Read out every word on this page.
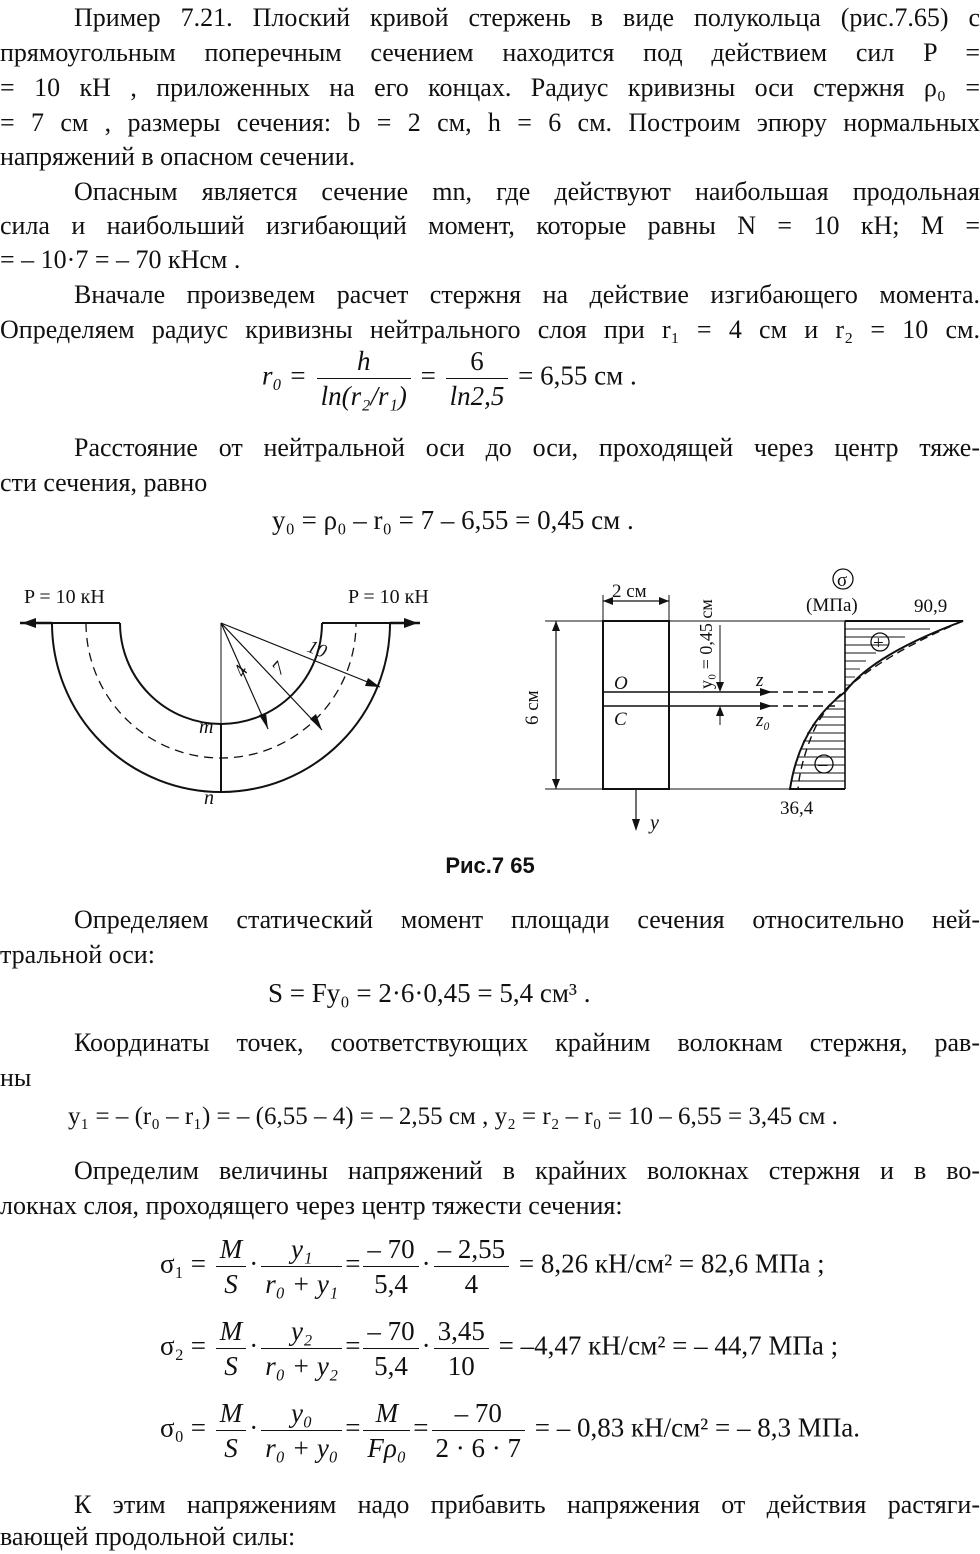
Пример 7.21. Плоский кривой стержень в виде полукольца (рис.7.65) с
прямоугольным поперечным сечением находится под действием сил P =
= 10 кН , приложенных на его концах. Радиус кривизны оси стержня ρ₀ =
= 7 см , размеры сечения: b = 2 см, h = 6 см. Построим эпюру нормальных
напряжений в опасном сечении.
Опасным является сечение mn, где действуют наибольшая продольная
сила и наибольший изгибающий момент, которые равны N = 10 кН; M =
= – 10·7 = – 70 кНсм .
Вначале произведем расчет стержня на действие изгибающего момента.
Определяем радиус кривизны нейтрального слоя при r₁ = 4 см и r₂ = 10 см.
$r_0 = \frac{h}{\text{ln(r₂/r₁)}} = \frac{6}{\ln 2,5} = 6,55$ см .
Расстояние от нейтральной оси до оси, проходящей через центр тяже-
сти сечения, равно
y₀ = ρ₀ – r₀ = 7 – 6,55 = 0,45 см .
P = 10 кН	P = 10 кН
4 7
10
m
n
2 см
6 см
y₀ = 0,45 см
O
C
z
z₀
y
σ
(МПа)
+
–
90,9
36,4
Рис.7 65
Определяем статический момент площади сечения относительно ней-
тральной оси:
S = Fy₀ = 2·6·0,45 = 5,4 см³ .
Координаты точек, соответствующих крайним волокнам стержня, рав-
ны
y₁ = – (r₀ – r₁) = – (6,55 – 4) = – 2,55 см , y₂ = r₂ – r₀ = 10 – 6,55 = 3,45 см .
Определим величины напряжений в крайних волокнах стержня и в во-
локнах слоя, проходящего через центр тяжести сечения:
$\sigma_1 = \frac{M}{S} \cdot \frac{\text{y₁}}{\text{r₀ + y₁}} = \frac{- 70}{5,4} \cdot \frac{- 2,55}{4} = 8,26$ кН/см² = 82,6 МПа ;
$\sigma_2 = \frac{M}{S} \cdot \frac{\text{y₂}}{\text{r₀ + y₂}} = \frac{- 70}{5,4} \cdot \frac{3,45}{10} = -4,47$ кН/см² = – 44,7 МПа ;
$\sigma_0 = \frac{M}{S} \cdot \frac{\text{y₀}}{\text{r₀ + y₀}} = \frac{M}{\text{Fρ₀}} = \frac{- 70}{2 \cdot 6 \cdot 7}$ = – 0,83 кН/см² = – 8,3 МПа.
К этим напряжениям надо прибавить напряжения от действия растяги-
вающей продольной силы:
